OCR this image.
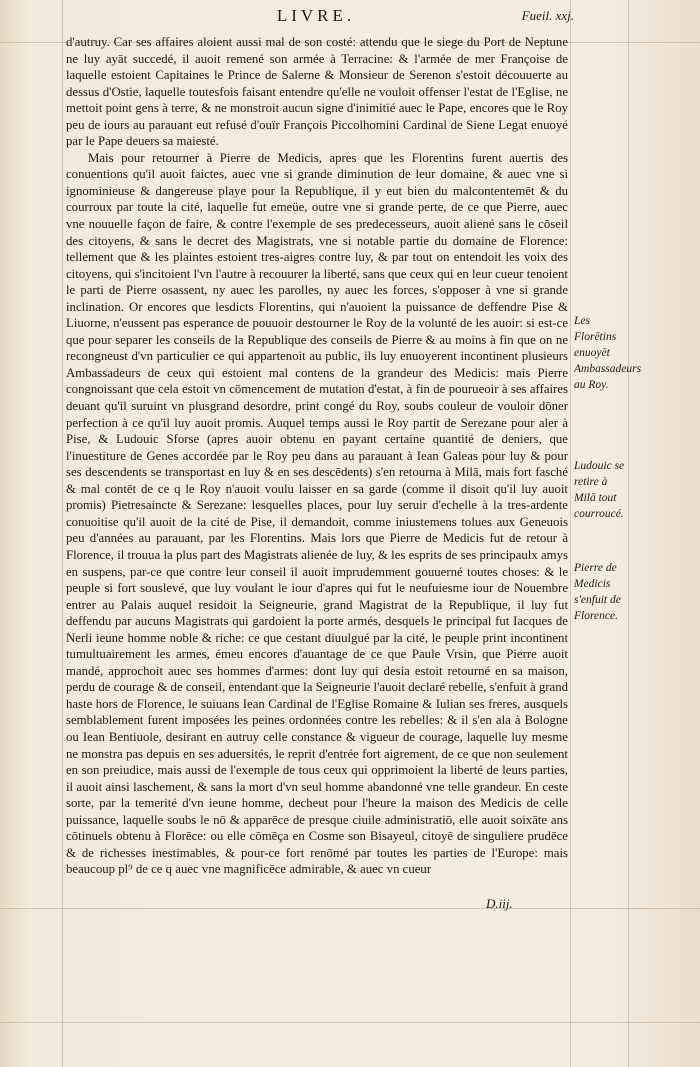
LIVRE.	Fueil. xxj.

d'autruy. Car ses affaires aloient aussi mal de son costé: attendu que le siege du Port de Neptune ne luy ayāt succedé, il auoit remené son armée à Terracine: & l'armée de mer Françoise de laquelle estoient Capitaines le Prince de Salerne & Monsieur de Serenon s'estoit découuerte au dessus d'Ostie, laquelle toutesfois faisant entendre qu'elle ne vouloit offenser l'estat de l'Eglise, ne mettoit point gens à terre, & ne monstroit aucun signe d'inimitié auec le Pape, encores que le Roy peu de iours au parauant eut refusé d'ouïr François Piccolhomini Cardinal de Siene Legat enuoyé par le Pape deuers sa maiesté.

Mais pour retourner à Pierre de Medicis, apres que les Florentins furent auertis des conuentions qu'il auoit faictes, auec vne si grande diminution de leur domaine, & auec vne si ignominieuse & dangereuse playe pour la Republique, il y eut bien du malcontentemēt & du courroux par toute la cité, laquelle fut emeüe, outre vne si grande perte, de ce que Pierre, auec vne nouuelle façon de faire, & contre l'exemple de ses predecesseurs, auoit aliené sans le cōseil des citoyens, & sans le decret des Magistrats, vne si notable partie du domaine de Florence: tellement que & les plaintes estoient tres-aigres contre luy, & par tout on entendoit les voix des citoyens, qui s'incitoient l'vn l'autre à recouurer la liberté, sans que ceux qui en leur cueur tenoient le parti de Pierre osassent, ny auec les parolles, ny auec les forces, s'opposer à vne si grande inclination. Or encores que lesdicts Florentins, qui n'auoient la puissance de deffendre Pise & Liuorne, n'eussent pas esperance de pouuoir destourner le Roy de la volunté de les auoir: si est-ce que pour separer les conseils de la Republique des conseils de Pierre & au moins à fin que on ne recongneust d'vn particulier ce qui appartenoit au public, ils luy enuoyerent incontinent plusieurs Ambassadeurs de ceux qui estoient mal contens de la grandeur des Medicis: mais Pierre congnoissant que cela estoit vn cōmencement de mutation d'estat, à fin de pourueoir à ses affaires deuant qu'il suruint vn plusgrand desordre, print congé du Roy, soubs couleur de vouloir dōner perfection à ce qu'il luy auoit promis. Auquel temps aussi le Roy partit de Serezane pour aler à Pise, & Ludouic Sforse (apres auoir obtenu en payant certaine quantité de deniers, que l'inuestiture de Genes accordée par le Roy peu dans au parauant à Iean Galeas pour luy & pour ses descendents se transportast en luy & en ses descēdents) s'en retourna à Milā, mais fort fasché & mal contēt de ce q le Roy n'auoit voulu laisser en sa garde (comme il disoit qu'il luy auoit promis) Pietresaincte & Serezane: lesquelles places, pour luy seruir d'echelle à la tres-ardente conuoitise qu'il auoit de la cité de Pise, il demandoit, comme iniustemens tolues aux Geneuois peu d'années au parauant, par les Florentins. Mais lors que Pierre de Medicis fut de retour à Florence, il trouua la plus part des Magistrats alienée de luy, & les esprits de ses principaulx amys en suspens, par-ce que contre leur conseil il auoit imprudemment gouuerné toutes choses: & le peuple si fort souslevé, que luy voulant le iour d'apres qui fut le neufuiesme iour de Nouembre entrer au Palais auquel residoit la Seigneurie, grand Magistrat de la Republique, il luy fut deffendu par aucuns Magistrats qui gardoient la porte armés, desquels le principal fut Iacques de Nerli ieune homme noble & riche: ce que cestant diuulgué par la cité, le peuple print incontinent tumultuairement les armes, émeu encores d'auantage de ce que Paule Vrsin, que Pierre auoit mandé, approchoit auec ses hommes d'armes: dont luy qui desia estoit retourné en sa maison, perdu de courage & de conseil, entendant que la Seigneurie l'auoit declaré rebelle, s'enfuit à grand haste hors de Florence, le suiuans Iean Cardinal de l'Eglise Romaine & Iulian ses freres, ausquels semblablement furent imposées les peines ordonnées contre les rebelles: & il s'en ala à Bologne ou Iean Bentiuole, desirant en autruy celle constance & vigueur de courage, laquelle luy mesme ne monstra pas depuis en ses aduersités, le reprit d'entrée fort aigrement, de ce que non seulement en son preiudice, mais aussi de l'exemple de tous ceux qui opprimoient la liberté de leurs parties, il auoit ainsi laschement, & sans la mort d'vn seul homme abandonné vne telle grandeur. En ceste sorte, par la temerité d'vn ieune homme, decheut pour l'heure la maison des Medicis de celle puissance, laquelle soubs le nō & apparēce de presque ciuile administratiō, elle auoit soixāte ans cōtinuels obtenu à Florēce: ou elle cōmēça en Cosme son Bisayeul, citoyē de singuliere prudēce & de richesses inestimables, & pour-ce fort renōmé par toutes les parties de l'Europe: mais beaucoup pl⁹ de ce q auec vne magnificēce admirable, & auec vn cueur

Les Florētins enuoyēt Ambassadeurs au Roy.
Ludouic se retire à Milā tout courroucé.
Pierre de Medicis s'enfuit de Florence.
D.iij.
